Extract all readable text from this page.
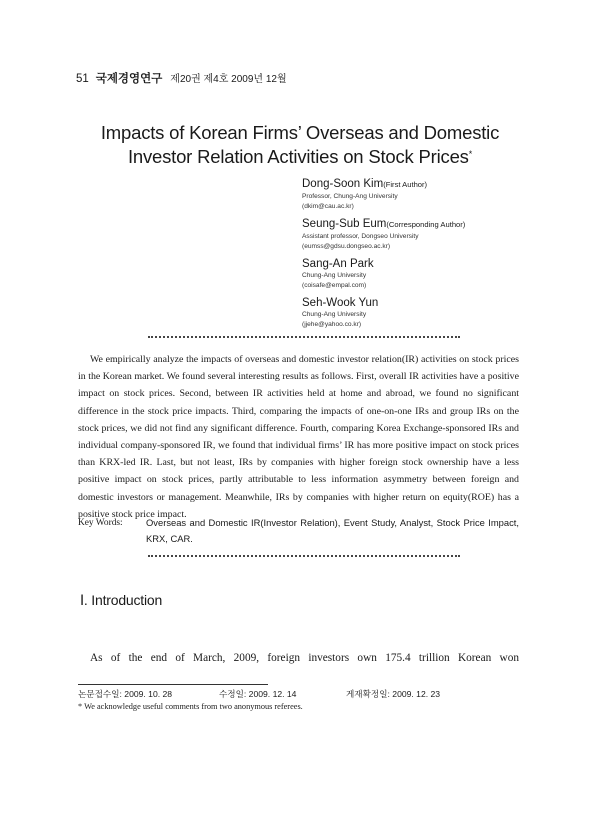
51 국제경영연구 제20권 제4호 2009년 12월
Impacts of Korean Firms’ Overseas and Domestic
Investor Relation Activities on Stock Prices*
Dong-Soon Kim(First Author)
Professor, Chung-Ang University
(dkim@cau.ac.kr)
Seung-Sub Eum(Corresponding Author)
Assistant professor, Dongseo University
(eumss@gdsu.dongseo.ac.kr)
Sang-An Park
Chung-Ang University
(coisafe@empal.com)
Seh-Wook Yun
Chung-Ang University
(jjehe@yahoo.co.kr)

We empirically analyze the impacts of overseas and domestic investor relation(IR) activities on stock prices in the Korean market. We found several interesting results as follows. First, overall IR activities have a positive impact on stock prices. Second, between IR activities held at home and abroad, we found no significant difference in the stock price impacts. Third, comparing the impacts of one-on-one IRs and group IRs on the stock prices, we did not find any significant difference. Fourth, comparing Korea Exchange-sponsored IRs and individual company-sponsored IR, we found that individual firms’ IR has more positive impact on stock prices than KRX-led IR. Last, but not least, IRs by companies with higher foreign stock ownership have a less positive impact on stock prices, partly attributable to less information asymmetry between foreign and domestic investors or management. Meanwhile, IRs by companies with higher return on equity(ROE) has a positive stock price impact.

Key Words:	Overseas and Domestic IR(Investor Relation), Event Study, Analyst, Stock Price Impact, KRX, CAR.
Ⅰ. Introduction

As of the end of March, 2009, foreign investors own 175.4 trillion Korean won

논문접수일: 2009. 10. 28	수정일: 2009. 12. 14	게재확정일: 2009. 12. 23
* We acknowledge useful comments from two anonymous referees.
